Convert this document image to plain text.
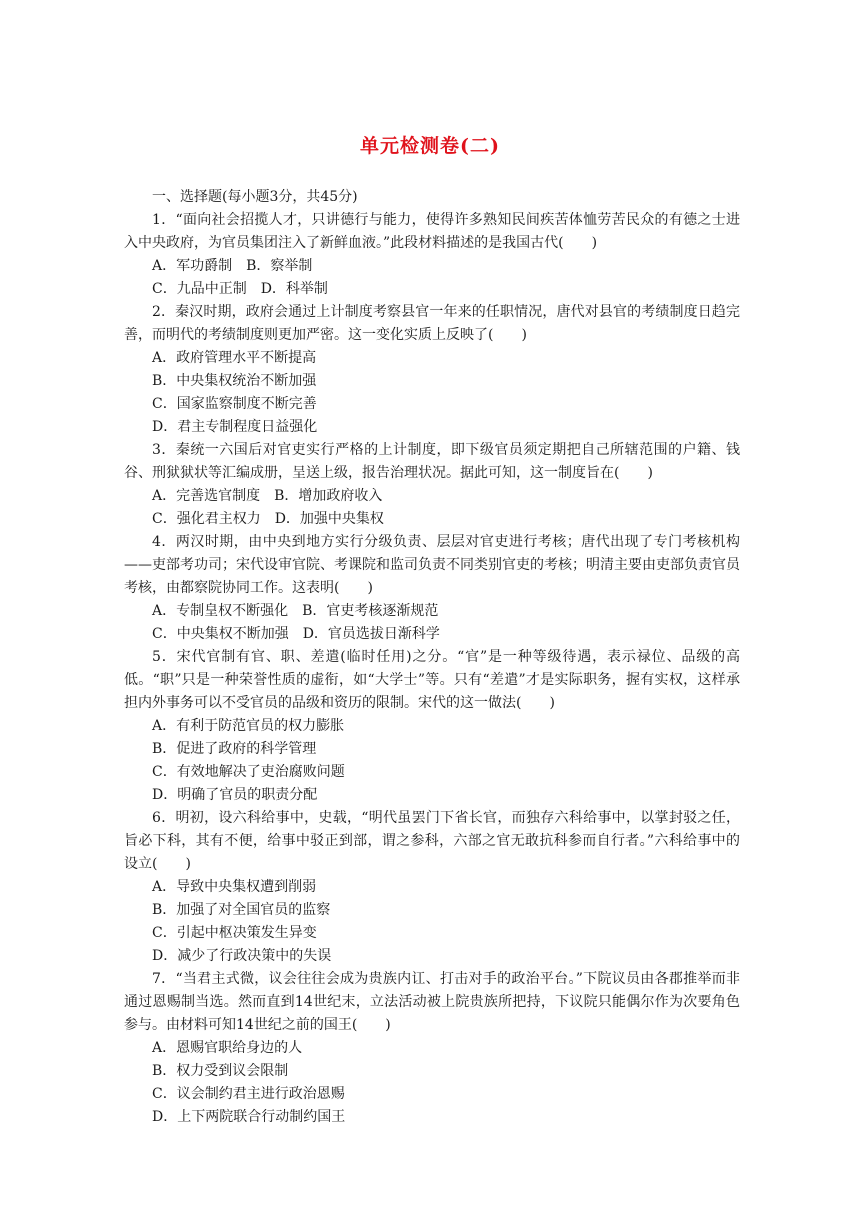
单元检测卷(二)

一、选择题(每小题3分，共45分)

1．“面向社会招揽人才，只讲德行与能力，使得许多熟知民间疾苦体恤劳苦民众的有德之士进入中央政府，为官员集团注入了新鲜血液。”此段材料描述的是我国古代(　　)

A．军功爵制　B．察举制

C．九品中正制　D．科举制

2．秦汉时期，政府会通过上计制度考察县官一年来的任职情况，唐代对县官的考绩制度日趋完善，而明代的考绩制度则更加严密。这一变化实质上反映了(　　)

A．政府管理水平不断提高

B．中央集权统治不断加强

C．国家监察制度不断完善

D．君主专制程度日益强化

3．秦统一六国后对官吏实行严格的上计制度，即下级官员须定期把自己所辖范围的户籍、钱谷、刑狱狱状等汇编成册，呈送上级，报告治理状况。据此可知，这一制度旨在(　　)

A．完善选官制度　B．增加政府收入

C．强化君主权力　D．加强中央集权

4．两汉时期，由中央到地方实行分级负责、层层对官吏进行考核；唐代出现了专门考核机构——吏部考功司；宋代设审官院、考课院和监司负责不同类别官吏的考核；明清主要由吏部负责官员考核，由都察院协同工作。这表明(　　)

A．专制皇权不断强化　B．官吏考核逐渐规范

C．中央集权不断加强　D．官员选拔日渐科学

5．宋代官制有官、职、差遣(临时任用)之分。“官”是一种等级待遇，表示禄位、品级的高低。“职”只是一种荣誉性质的虚衔，如“大学士”等。只有“差遣”才是实际职务，握有实权，这样承担内外事务可以不受官员的品级和资历的限制。宋代的这一做法(　　)

A．有利于防范官员的权力膨胀

B．促进了政府的科学管理

C．有效地解决了吏治腐败问题

D．明确了官员的职责分配

6．明初，设六科给事中，史载，“明代虽罢门下省长官，而独存六科给事中，以掌封驳之任，旨必下科，其有不便，给事中驳正到部，谓之参科，六部之官无敢抗科参而自行者。”六科给事中的设立(　　)

A．导致中央集权遭到削弱

B．加强了对全国官员的监察

C．引起中枢决策发生异变

D．减少了行政决策中的失误

7．“当君主式微，议会往往会成为贵族内讧、打击对手的政治平台。”下院议员由各郡推举而非通过恩赐制当选。然而直到14世纪末，立法活动被上院贵族所把持，下议院只能偶尔作为次要角色参与。由材料可知14世纪之前的国王(　　)

A．恩赐官职给身边的人

B．权力受到议会限制

C．议会制约君主进行政治恩赐

D．上下两院联合行动制约国王
